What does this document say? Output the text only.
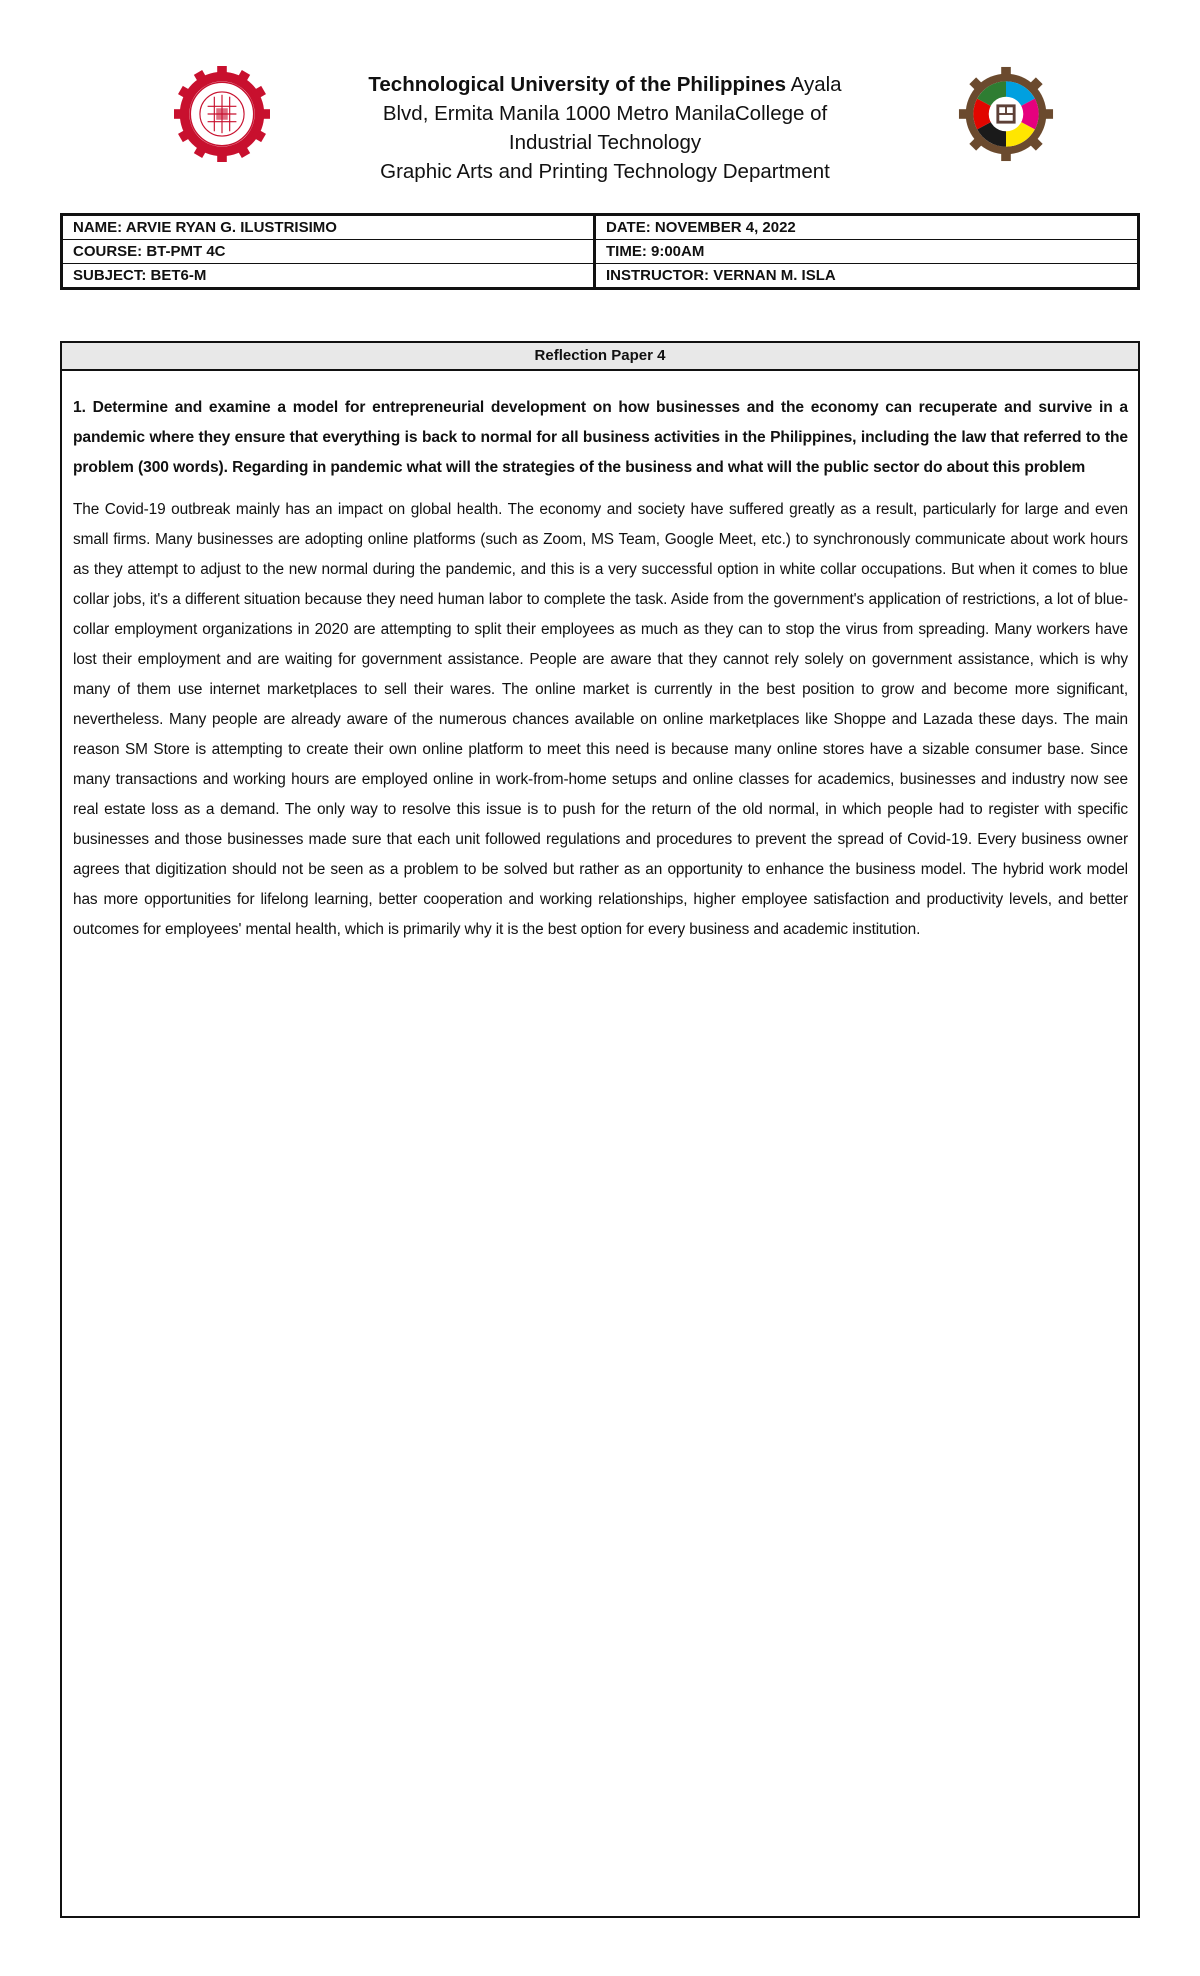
Technological University of the Philippines Ayala Blvd, Ermita Manila 1000 Metro ManilaCollege of Industrial Technology
Graphic Arts and Printing Technology Department
NAME: ARVIE RYAN G. ILUSTRISIMO	DATE: NOVEMBER 4, 2022
COURSE: BT-PMT 4C	TIME: 9:00AM
SUBJECT: BET6-M	INSTRUCTOR: VERNAN M. ISLA
Reflection Paper 4
1. Determine and examine a model for entrepreneurial development on how businesses and the economy can recuperate and survive in a pandemic where they ensure that everything is back to normal for all business activities in the Philippines, including the law that referred to the problem (300 words). Regarding in pandemic what will the strategies of the business and what will the public sector do about this problem
The Covid-19 outbreak mainly has an impact on global health. The economy and society have suffered greatly as a result, particularly for large and even small firms. Many businesses are adopting online platforms (such as Zoom, MS Team, Google Meet, etc.) to synchronously communicate about work hours as they attempt to adjust to the new normal during the pandemic, and this is a very successful option in white collar occupations. But when it comes to blue collar jobs, it's a different situation because they need human labor to complete the task. Aside from the government's application of restrictions, a lot of blue-collar employment organizations in 2020 are attempting to split their employees as much as they can to stop the virus from spreading. Many workers have lost their employment and are waiting for government assistance. People are aware that they cannot rely solely on government assistance, which is why many of them use internet marketplaces to sell their wares. The online market is currently in the best position to grow and become more significant, nevertheless. Many people are already aware of the numerous chances available on online marketplaces like Shoppe and Lazada these days. The main reason SM Store is attempting to create their own online platform to meet this need is because many online stores have a sizable consumer base. Since many transactions and working hours are employed online in work-from-home setups and online classes for academics, businesses and industry now see real estate loss as a demand. The only way to resolve this issue is to push for the return of the old normal, in which people had to register with specific businesses and those businesses made sure that each unit followed regulations and procedures to prevent the spread of Covid-19. Every business owner agrees that digitization should not be seen as a problem to be solved but rather as an opportunity to enhance the business model. The hybrid work model has more opportunities for lifelong learning, better cooperation and working relationships, higher employee satisfaction and productivity levels, and better outcomes for employees' mental health, which is primarily why it is the best option for every business and academic institution.
